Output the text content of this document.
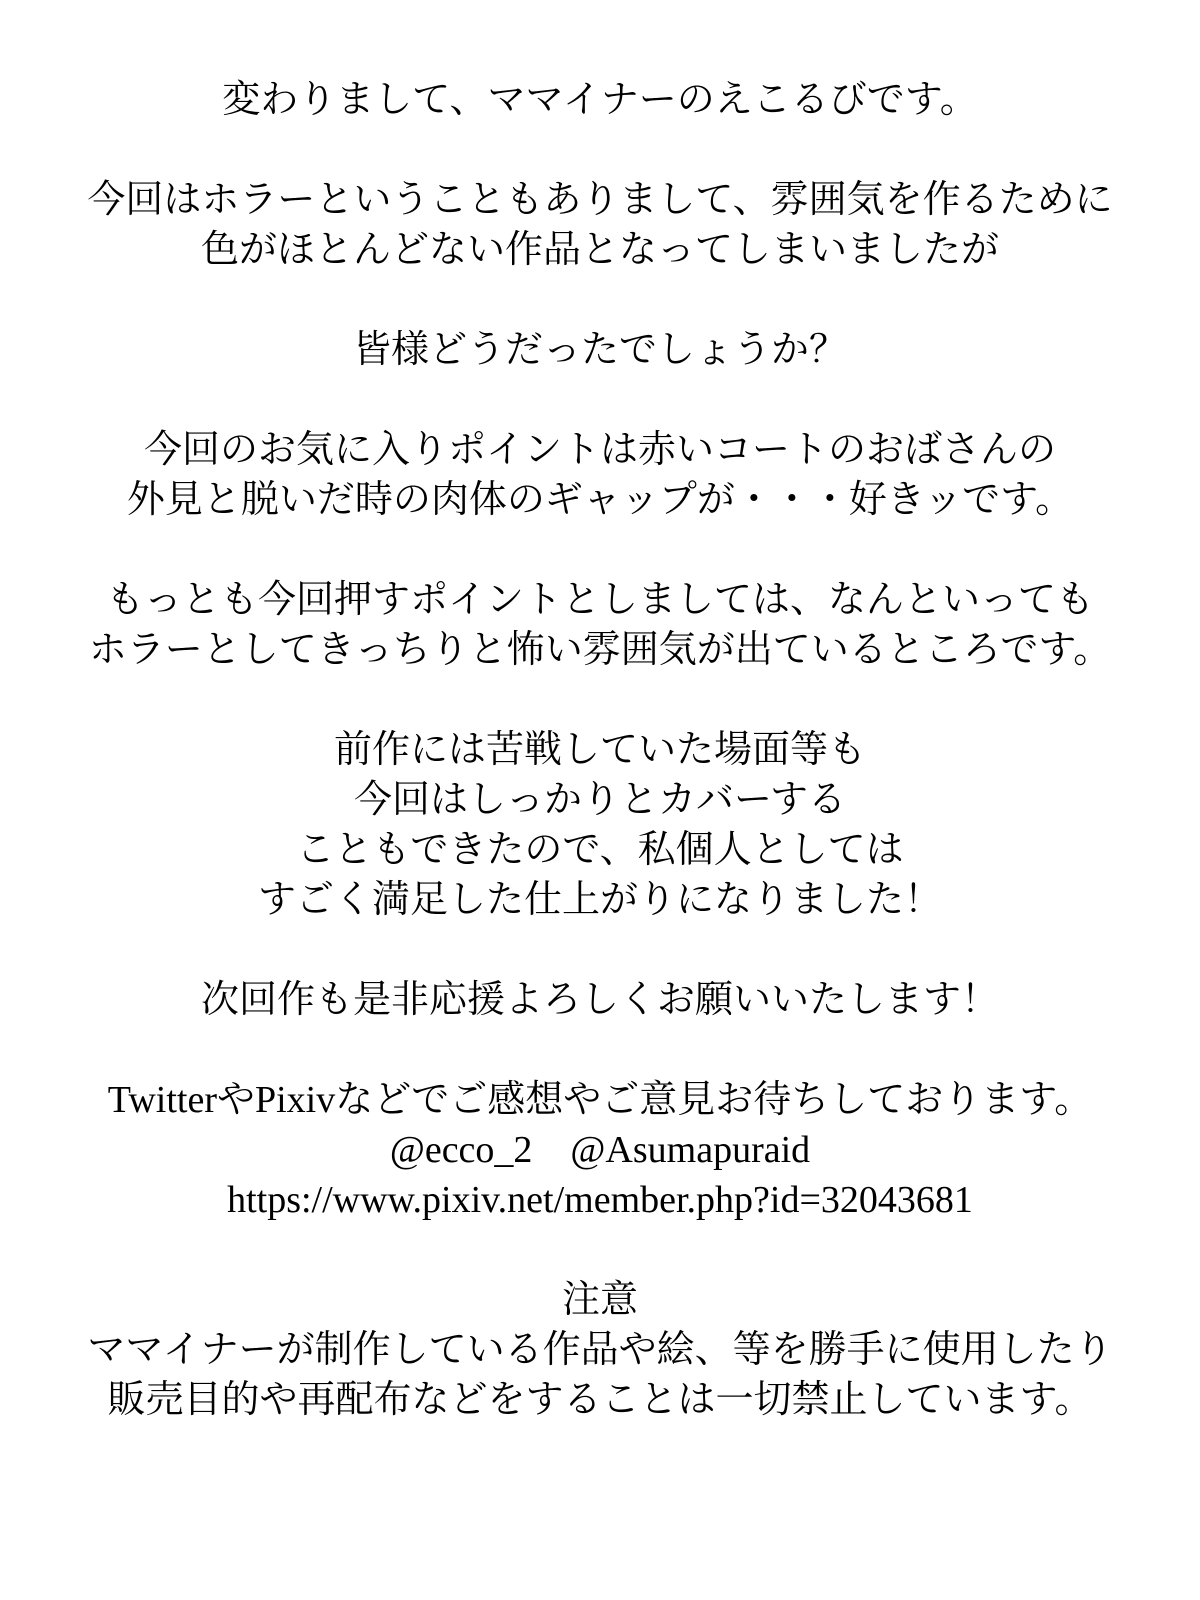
変わりまして、ママイナーのえこるびです。
今回はホラーということもありまして、雰囲気を作るために
色がほとんどない作品となってしまいましたが
皆様どうだったでしょうか？
今回のお気に入りポイントは赤いコートのおばさんの
外見と脱いだ時の肉体のギャップが・・・好きッです。
もっとも今回押すポイントとしましては、なんといっても
ホラーとしてきっちりと怖い雰囲気が出ているところです。
前作には苦戦していた場面等も
今回はしっかりとカバーする
こともできたので、私個人としては
すごく満足した仕上がりになりました！
次回作も是非応援よろしくお願いいたします！
TwitterやPixivなどでご感想やご意見お待ちしております。
@ecco_2　@Asumapuraid
https://www.pixiv.net/member.php?id=32043681
注意
ママイナーが制作している作品や絵、等を勝手に使用したり
販売目的や再配布などをすることは一切禁止しています。
